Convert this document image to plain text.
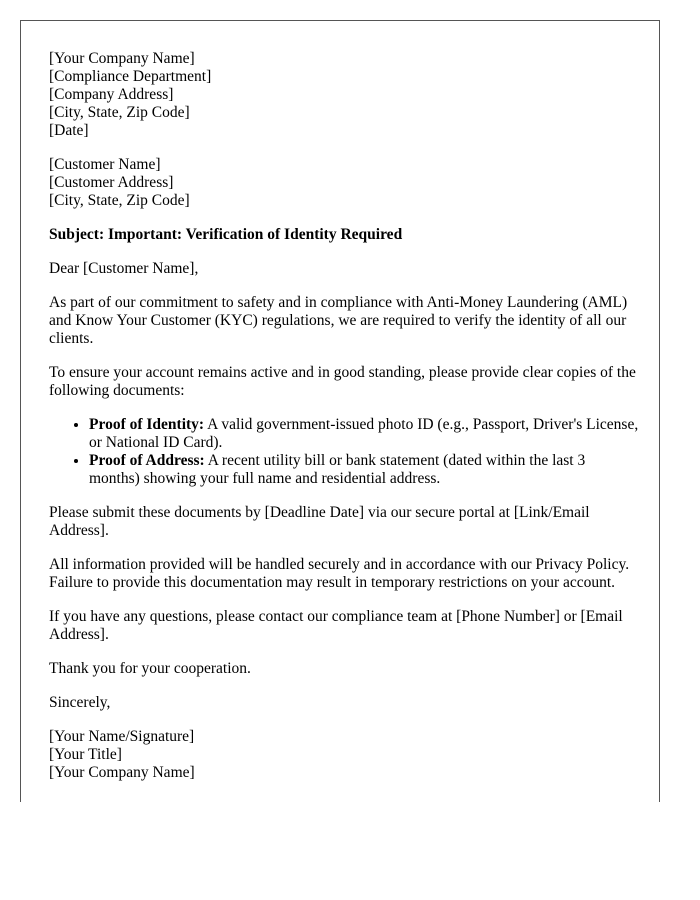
[Your Company Name]
[Compliance Department]
[Company Address]
[City, State, Zip Code]
[Date]
[Customer Name]
[Customer Address]
[City, State, Zip Code]

Subject: Important: Verification of Identity Required

Dear [Customer Name],

As part of our commitment to safety and in compliance with Anti-Money Laundering (AML) and Know Your Customer (KYC) regulations, we are required to verify the identity of all our clients.

To ensure your account remains active and in good standing, please provide clear copies of the following documents:

• Proof of Identity: A valid government-issued photo ID (e.g., Passport, Driver's License, or National ID Card).
• Proof of Address: A recent utility bill or bank statement (dated within the last 3 months) showing your full name and residential address.

Please submit these documents by [Deadline Date] via our secure portal at [Link/Email Address].

All information provided will be handled securely and in accordance with our Privacy Policy. Failure to provide this documentation may result in temporary restrictions on your account.

If you have any questions, please contact our compliance team at [Phone Number] or [Email Address].

Thank you for your cooperation.

Sincerely,

[Your Name/Signature]
[Your Title]
[Your Company Name]
